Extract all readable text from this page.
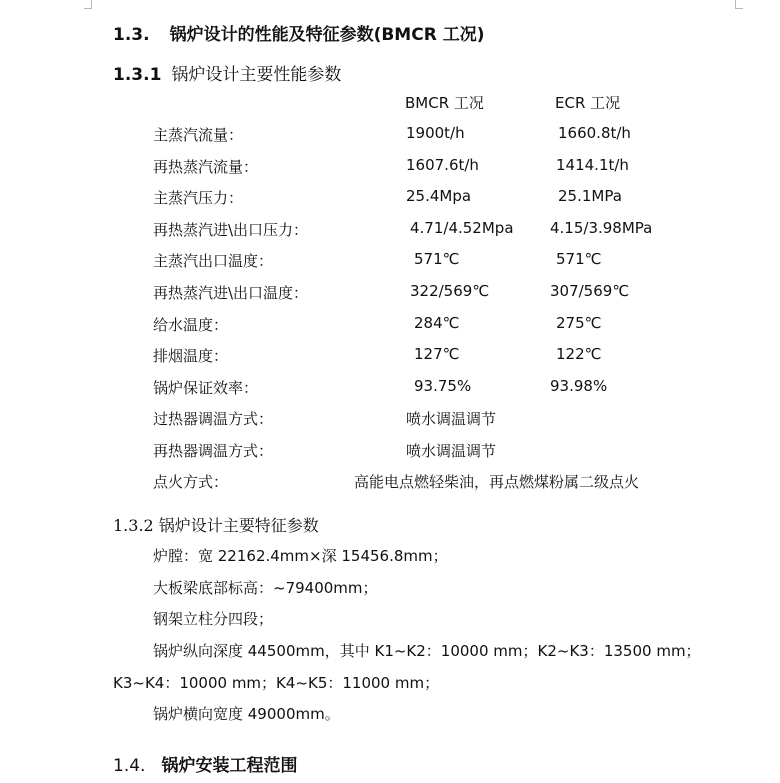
1.3. 锅炉设计的性能及特征参数(BMCR 工况)
1.3.1 锅炉设计主要性能参数
BMCR 工况	ECR 工况
主蒸汽流量：	1900t/h	1660.8t/h
再热蒸汽流量：	1607.6t/h	1414.1t/h
主蒸汽压力：	25.4Mpa	25.1MPa
再热蒸汽进\出口压力：	4.71/4.52Mpa 4.15/3.98MPa
主蒸汽出口温度：	571℃	571℃
再热蒸汽进\出口温度：	322/569℃	307/569℃
给水温度：	284℃	275℃
排烟温度：	127℃	122℃
锅炉保证效率：	93.75%	93.98%
过热器调温方式：	喷水调温调节
再热器调温方式：	喷水调温调节
点火方式：	高能电点燃轻柴油，再点燃煤粉属二级点火
1.3.2 锅炉设计主要特征参数
炉膛：宽 22162.4mm×深 15456.8mm；
大板梁底部标高：~79400mm；
钢架立柱分四段；
锅炉纵向深度 44500mm，其中 K1~K2：10000 mm；K2~K3：13500 mm；
K3~K4：10000 mm；K4~K5：11000 mm；
锅炉横向宽度 49000mm。
1.4. 锅炉安装工程范围
